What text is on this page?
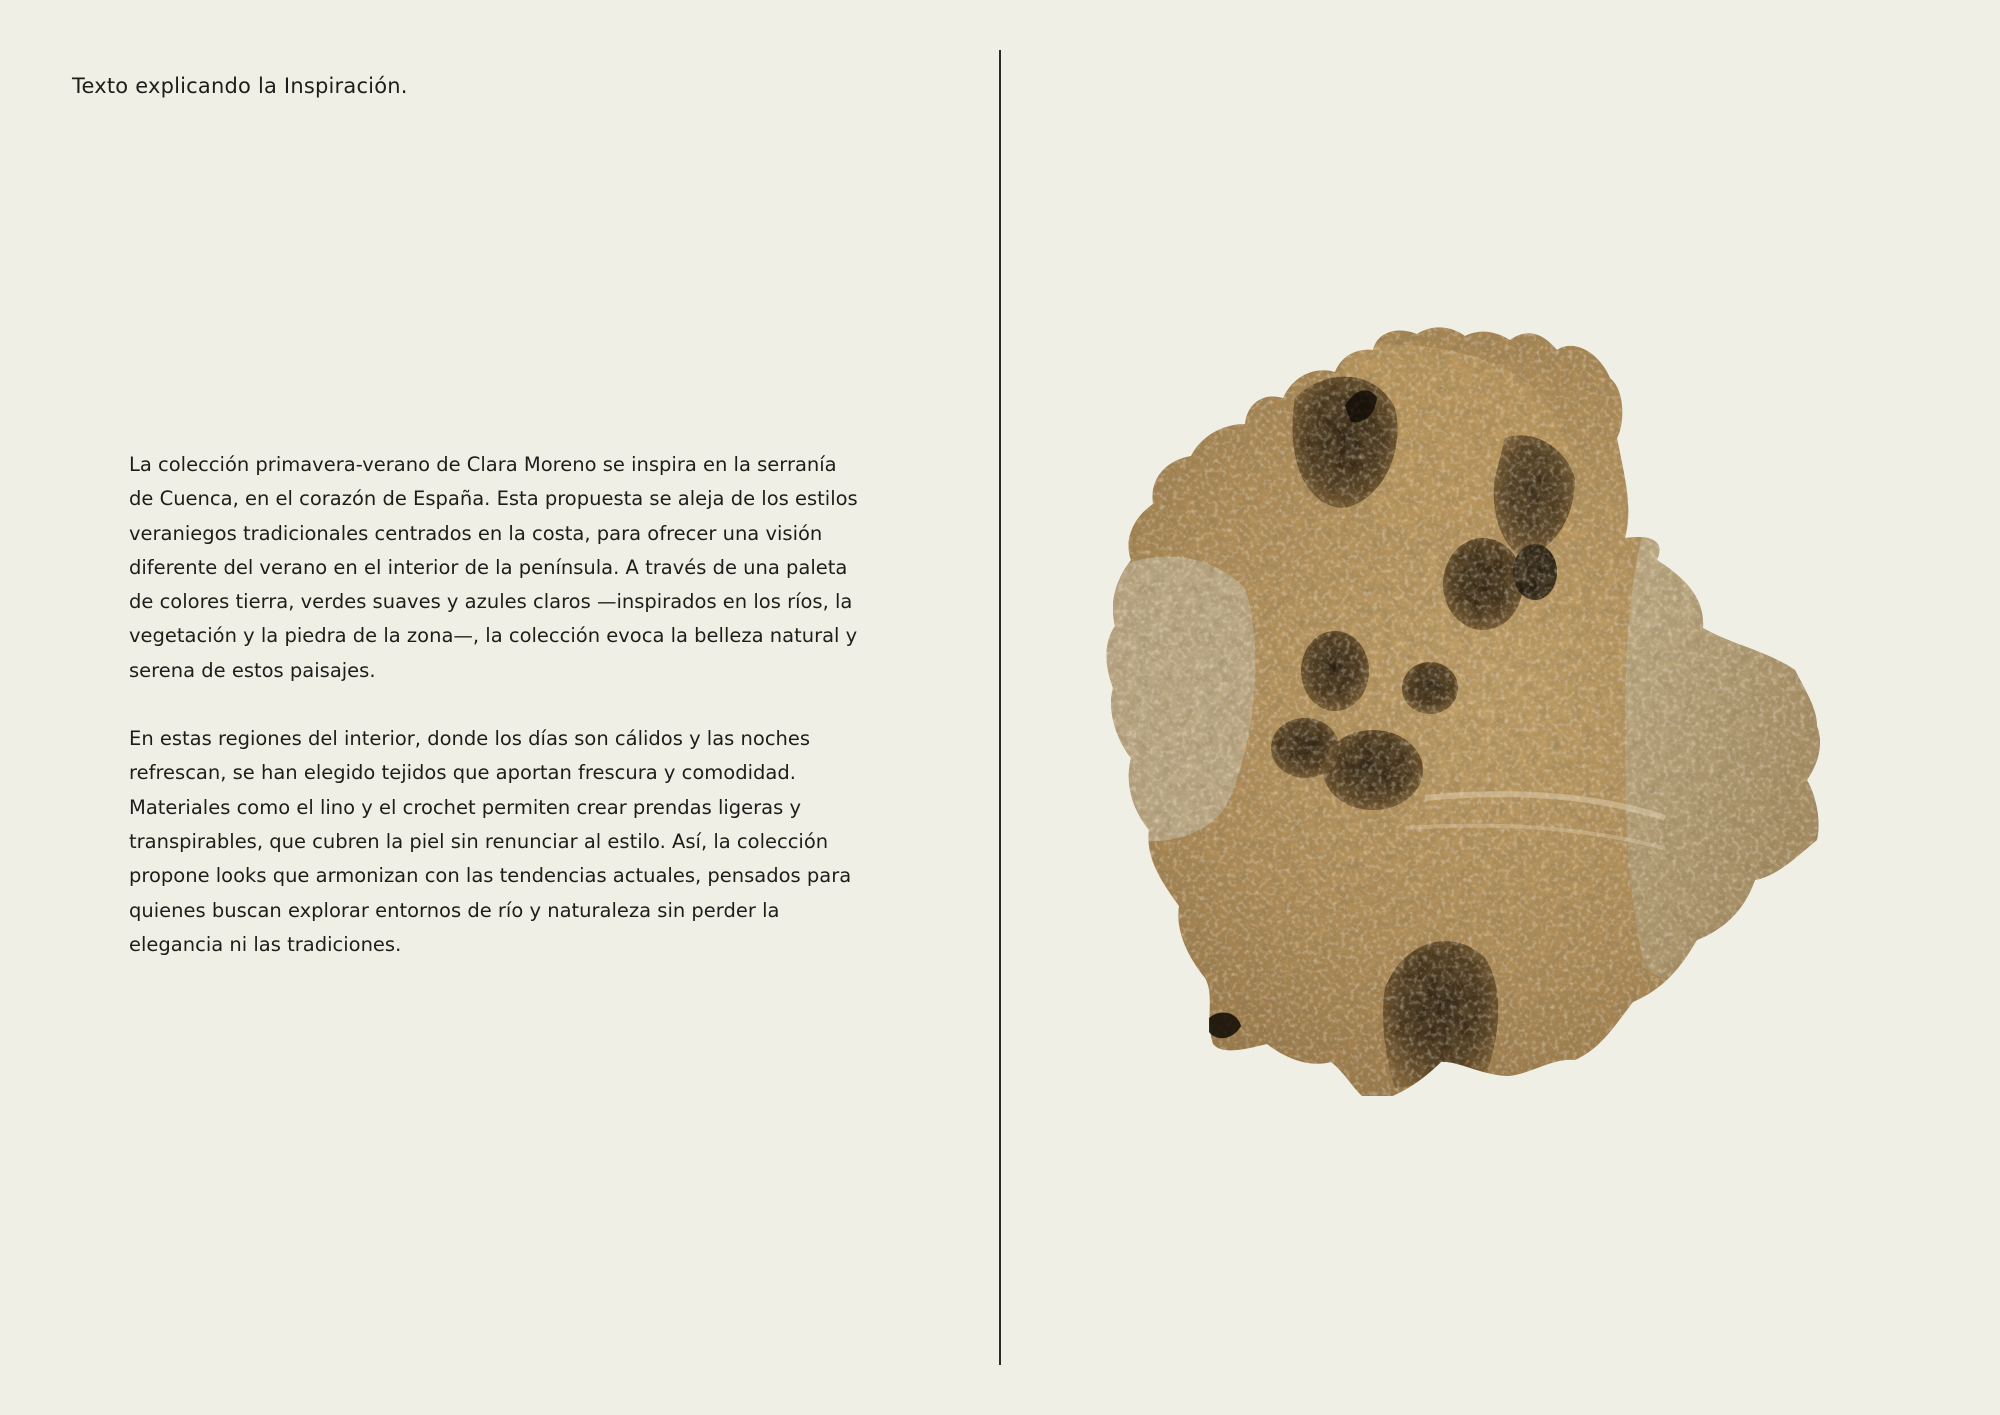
Texto explicando la Inspiración.

La colección primavera-verano de Clara Moreno se inspira en la serranía de Cuenca, en el corazón de España. Esta propuesta se aleja de los estilos veraniegos tradicionales centrados en la costa, para ofrecer una visión diferente del verano en el interior de la península. A través de una paleta de colores tierra, verdes suaves y azules claros —inspirados en los ríos, la vegetación y la piedra de la zona—, la colección evoca la belleza natural y serena de estos paisajes.

En estas regiones del interior, donde los días son cálidos y las noches refrescan, se han elegido tejidos que aportan frescura y comodidad. Materiales como el lino y el crochet permiten crear prendas ligeras y transpirables, que cubren la piel sin renunciar al estilo. Así, la colección propone looks que armonizan con las tendencias actuales, pensados para quienes buscan explorar entornos de río y naturaleza sin perder la elegancia ni las tradiciones.
